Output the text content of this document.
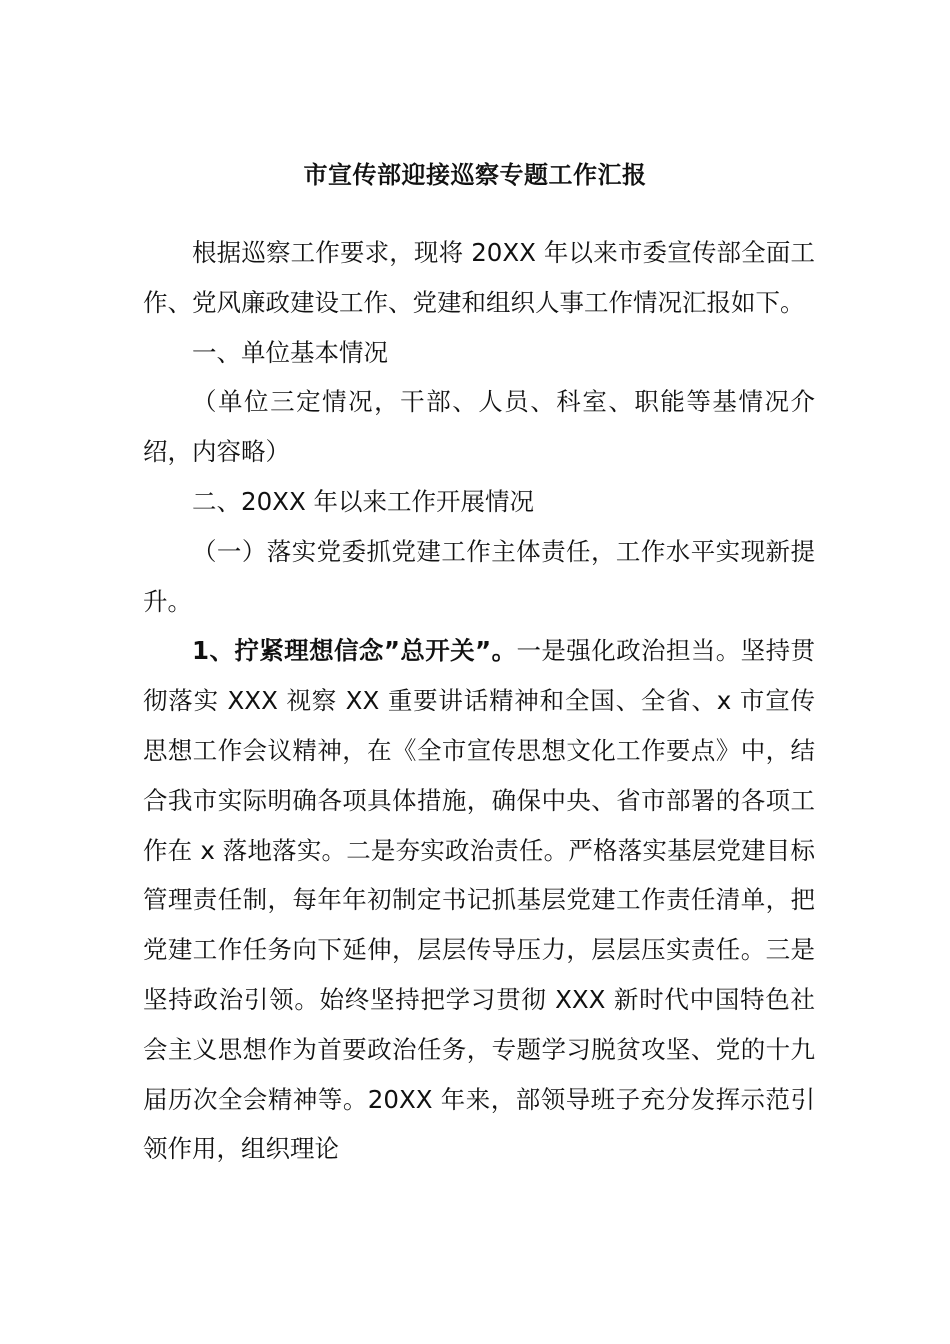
市宣传部迎接巡察专题工作汇报

根据巡察工作要求，现将 20XX 年以来市委宣传部全面工作、党风廉政建设工作、党建和组织人事工作情况汇报如下。

一、单位基本情况

（单位三定情况，干部、人员、科室、职能等基情况介绍，内容略）

二、20XX 年以来工作开展情况

（一）落实党委抓党建工作主体责任，工作水平实现新提升。

1、拧紧理想信念”总开关”。一是强化政治担当。坚持贯彻落实 XXX 视察 XX 重要讲话精神和全国、全省、x 市宣传思想工作会议精神，在《全市宣传思想文化工作要点》中，结合我市实际明确各项具体措施，确保中央、省市部署的各项工作在 x 落地落实。二是夯实政治责任。严格落实基层党建目标管理责任制，每年年初制定书记抓基层党建工作责任清单，把党建工作任务向下延伸，层层传导压力，层层压实责任。三是坚持政治引领。始终坚持把学习贯彻 XXX 新时代中国特色社会主义思想作为首要政治任务，专题学习脱贫攻坚、党的十九届历次全会精神等。20XX 年来，部领导班子充分发挥示范引领作用，组织理论
